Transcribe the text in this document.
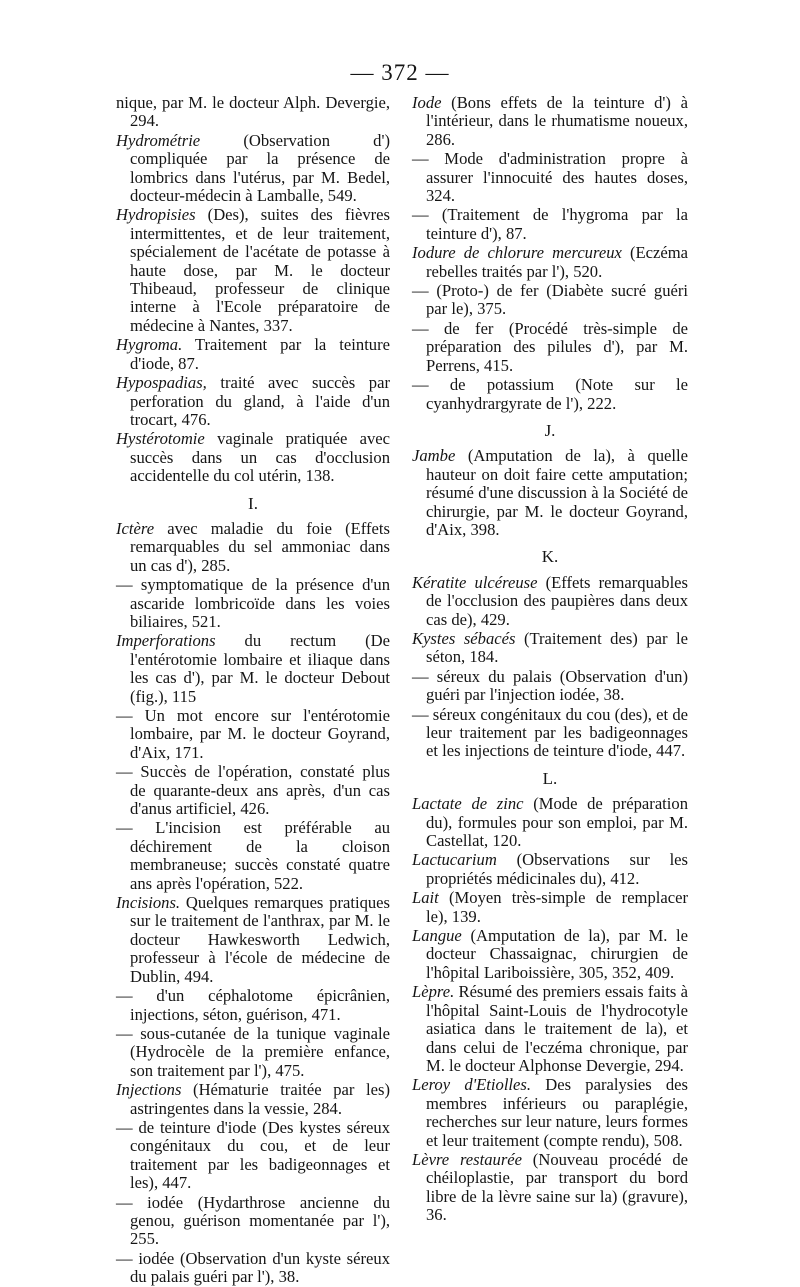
— 372 —
nique, par M. le docteur Alph. Devergie, 294.
Hydrométrie (Observation d') compliquée par la présence de lombrics dans l'utérus, par M. Bedel, docteur-médecin à Lamballe, 549.
Hydropisies (Des), suites des fièvres intermittentes, et de leur traitement, spécialement de l'acétate de potasse à haute dose, par M. le docteur Thibeaud, professeur de clinique interne à l'Ecole préparatoire de médecine à Nantes, 337.
Hygroma. Traitement par la teinture d'iode, 87.
Hypospadias, traité avec succès par perforation du gland, à l'aide d'un trocart, 476.
Hystérotomie vaginale pratiquée avec succès dans un cas d'occlusion accidentelle du col utérin, 138.
I.
Ictère avec maladie du foie (Effets remarquables du sel ammoniac dans un cas d'), 285.
— symptomatique de la présence d'un ascaride lombricoïde dans les voies biliaires, 521.
Imperforations du rectum (De l'entérotomie lombaire et iliaque dans les cas d'), par M. le docteur Debout (fig.), 115
— Un mot encore sur l'entérotomie lombaire, par M. le docteur Goyrand, d'Aix, 171.
— Succès de l'opération, constaté plus de quarante-deux ans après, d'un cas d'anus artificiel, 426.
— L'incision est préférable au déchirement de la cloison membraneuse; succès constaté quatre ans après l'opération, 522.
Incisions. Quelques remarques pratiques sur le traitement de l'anthrax, par M. le docteur Hawkesworth Ledwich, professeur à l'école de médecine de Dublin, 494.
— d'un céphalotome épicrânien, injections, séton, guérison, 471.
— sous-cutanée de la tunique vaginale (Hydrocèle de la première enfance, son traitement par l'), 475.
Injections (Hématurie traitée par les) astringentes dans la vessie, 284.
— de teinture d'iode (Des kystes séreux congénitaux du cou, et de leur traitement par les badigeonnages et les), 447.
— iodée (Hydarthrose ancienne du genou, guérison momentanée par l'), 255.
— iodée (Observation d'un kyste séreux du palais guéri par l'), 38.
Iode (Bons effets de la teinture d') à l'intérieur, dans le rhumatisme noueux, 286.
— Mode d'administration propre à assurer l'innocuité des hautes doses, 324.
— (Traitement de l'hygroma par la teinture d'), 87.
Iodure de chlorure mercureux (Eczéma rebelles traités par l'), 520.
— (Proto-) de fer (Diabète sucré guéri par le), 375.
— de fer (Procédé très-simple de préparation des pilules d'), par M. Perrens, 415.
— de potassium (Note sur le cyanhydrargyrate de l'), 222.
J.
Jambe (Amputation de la), à quelle hauteur on doit faire cette amputation; résumé d'une discussion à la Société de chirurgie, par M. le docteur Goyrand, d'Aix, 398.
K.
Kératite ulcéreuse (Effets remarquables de l'occlusion des paupières dans deux cas de), 429.
Kystes sébacés (Traitement des) par le séton, 184.
— séreux du palais (Observation d'un) guéri par l'injection iodée, 38.
— séreux congénitaux du cou (des), et de leur traitement par les badigeonnages et les injections de teinture d'iode, 447.
L.
Lactate de zinc (Mode de préparation du), formules pour son emploi, par M. Castellat, 120.
Lactucarium (Observations sur les propriétés médicinales du), 412.
Lait (Moyen très-simple de remplacer le), 139.
Langue (Amputation de la), par M. le docteur Chassaignac, chirurgien de l'hôpital Lariboissière, 305, 352, 409.
Lèpre. Résumé des premiers essais faits à l'hôpital Saint-Louis de l'hydrocotyle asiatica dans le traitement de la), et dans celui de l'eczéma chronique, par M. le docteur Alphonse Devergie, 294.
Leroy d'Etiolles. Des paralysies des membres inférieurs ou paraplégie, recherches sur leur nature, leurs formes et leur traitement (compte rendu), 508.
Lèvre restaurée (Nouveau procédé de chéiloplastie, par transport du bord libre de la lèvre saine sur la) (gravure), 36.
